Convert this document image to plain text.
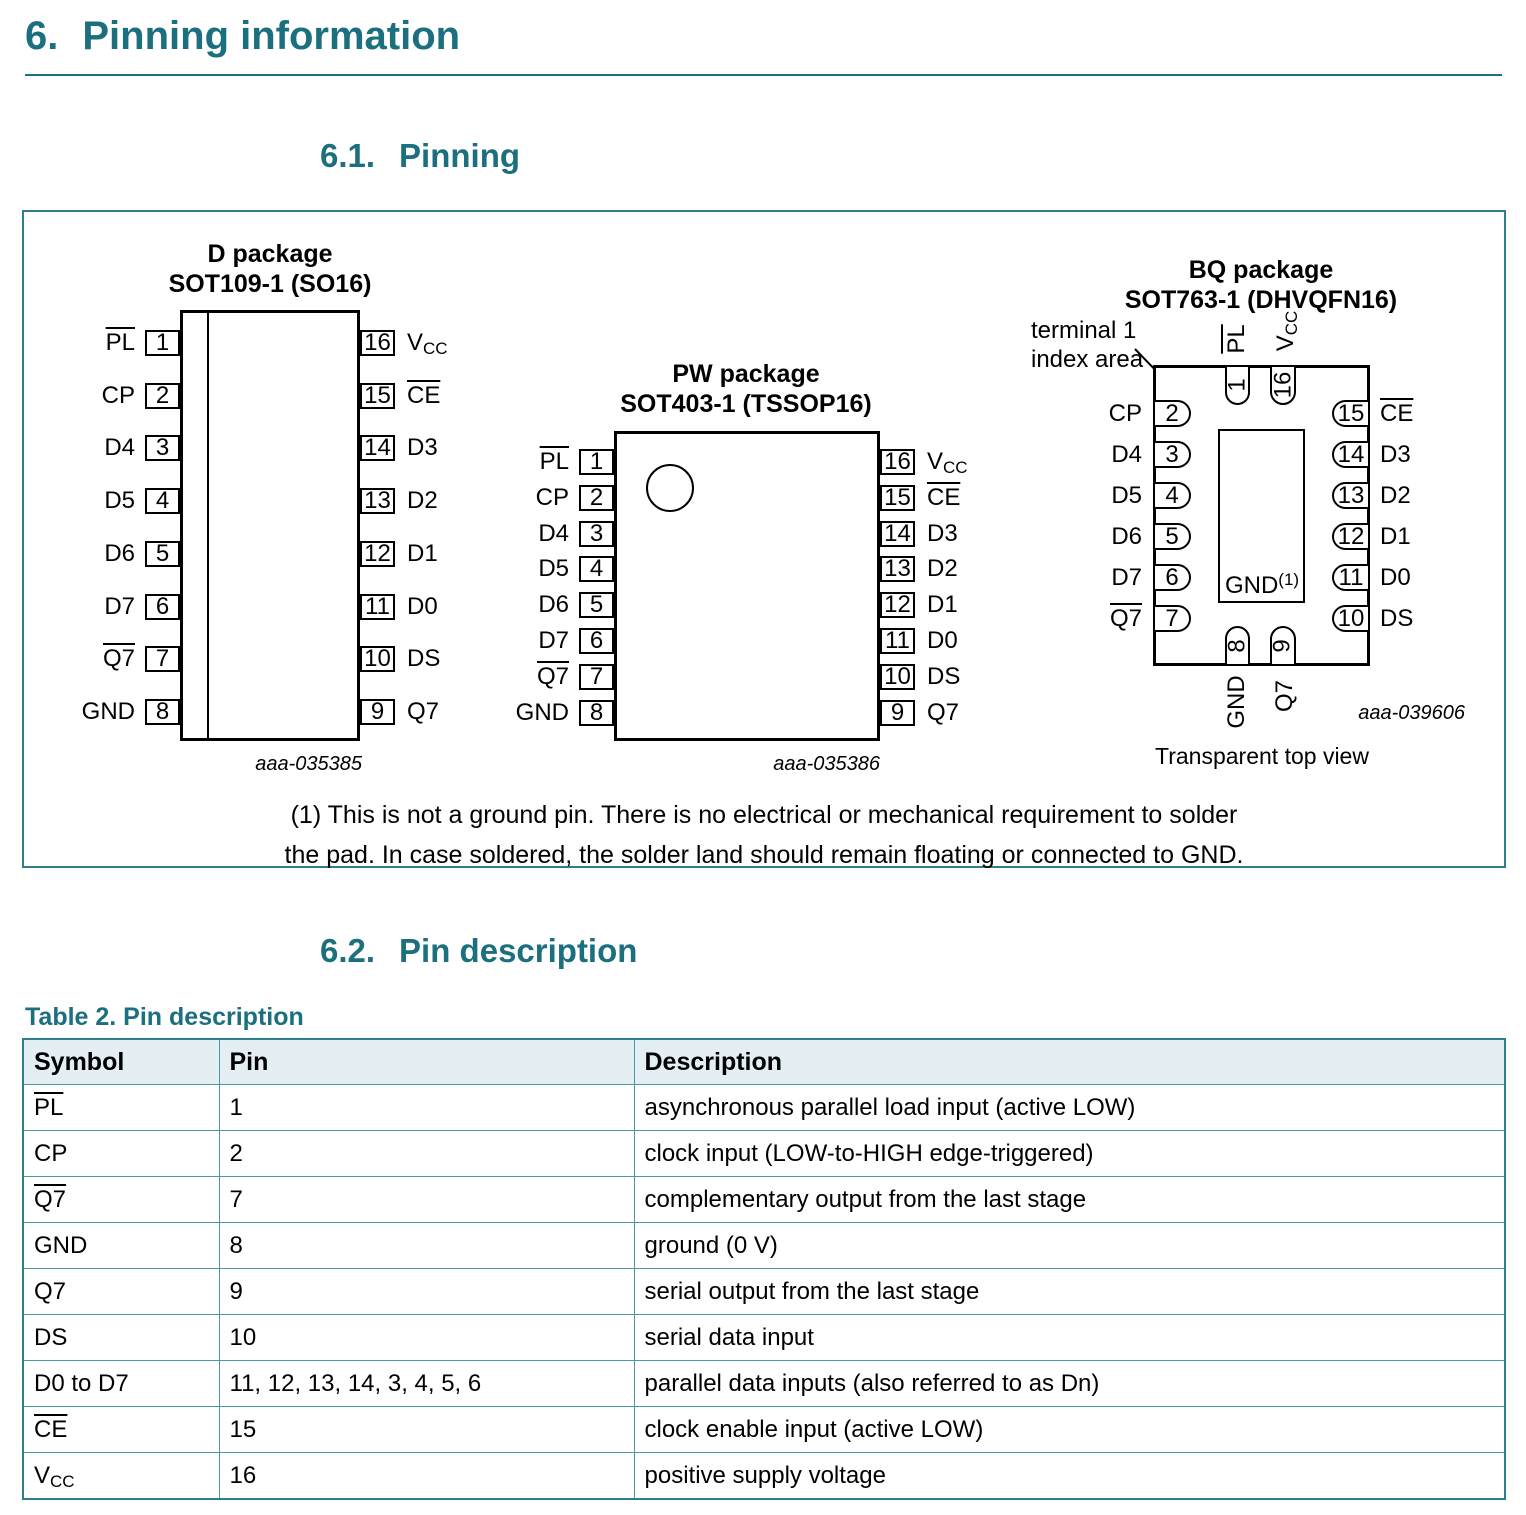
6. Pinning information
6.1. Pinning
D package
SOT109-1 (SO16)
1
$\overline{PL}$
2
CP
3
D4
4
D5
5
D6
6
D7
7
Q7
8
GND
16 VCC
15 $\overline{CE}$
14 D3
13 D2
12 D1
11 D0
10 DS
9 Q7
aaa-035385
PW package
SOT403-1 (TSSOP16)
1
$\overline{PL}$
2
CP
3
D4
4
D5
5
D6
6
D7
7
Q7
8
GND
16 VCC
15 $\overline{CE}$
14 D3
13 D2
12 D1
11 D0
10 DS
9 Q7
aaa-035386
BQ package
SOT763-1 (DHVQFN16)
terminal 1
index area
GND$^{(1)}$
1
$\overline{PL}$
16
VCC
8
GND
9
Q7
2
CP
3
D4
4
D5
5
D6
6
D7
7
Q7
15 $\overline{CE}$
14 D3
13 D2
12 D1
11 D0
10 DS
aaa-039606
Transparent top view
(1) This is not a ground pin. There is no electrical or mechanical requirement to solder
the pad. In case soldered, the solder land should remain floating or connected to GND.
6.2. Pin description
Table 2. Pin description
Symbol	Pin	Description
$\overline{PL}$	1	asynchronous parallel load input (active LOW)
CP	2	clock input (LOW-to-HIGH edge-triggered)
Q7	7	complementary output from the last stage
GND	8	ground (0 V)
Q7	9	serial output from the last stage
DS	10	serial data input
D0 to D7	11, 12, 13, 14, 3, 4, 5, 6	parallel data inputs (also referred to as Dn)
$\overline{CE}$	15	clock enable input (active LOW)
VCC	16	positive supply voltage
